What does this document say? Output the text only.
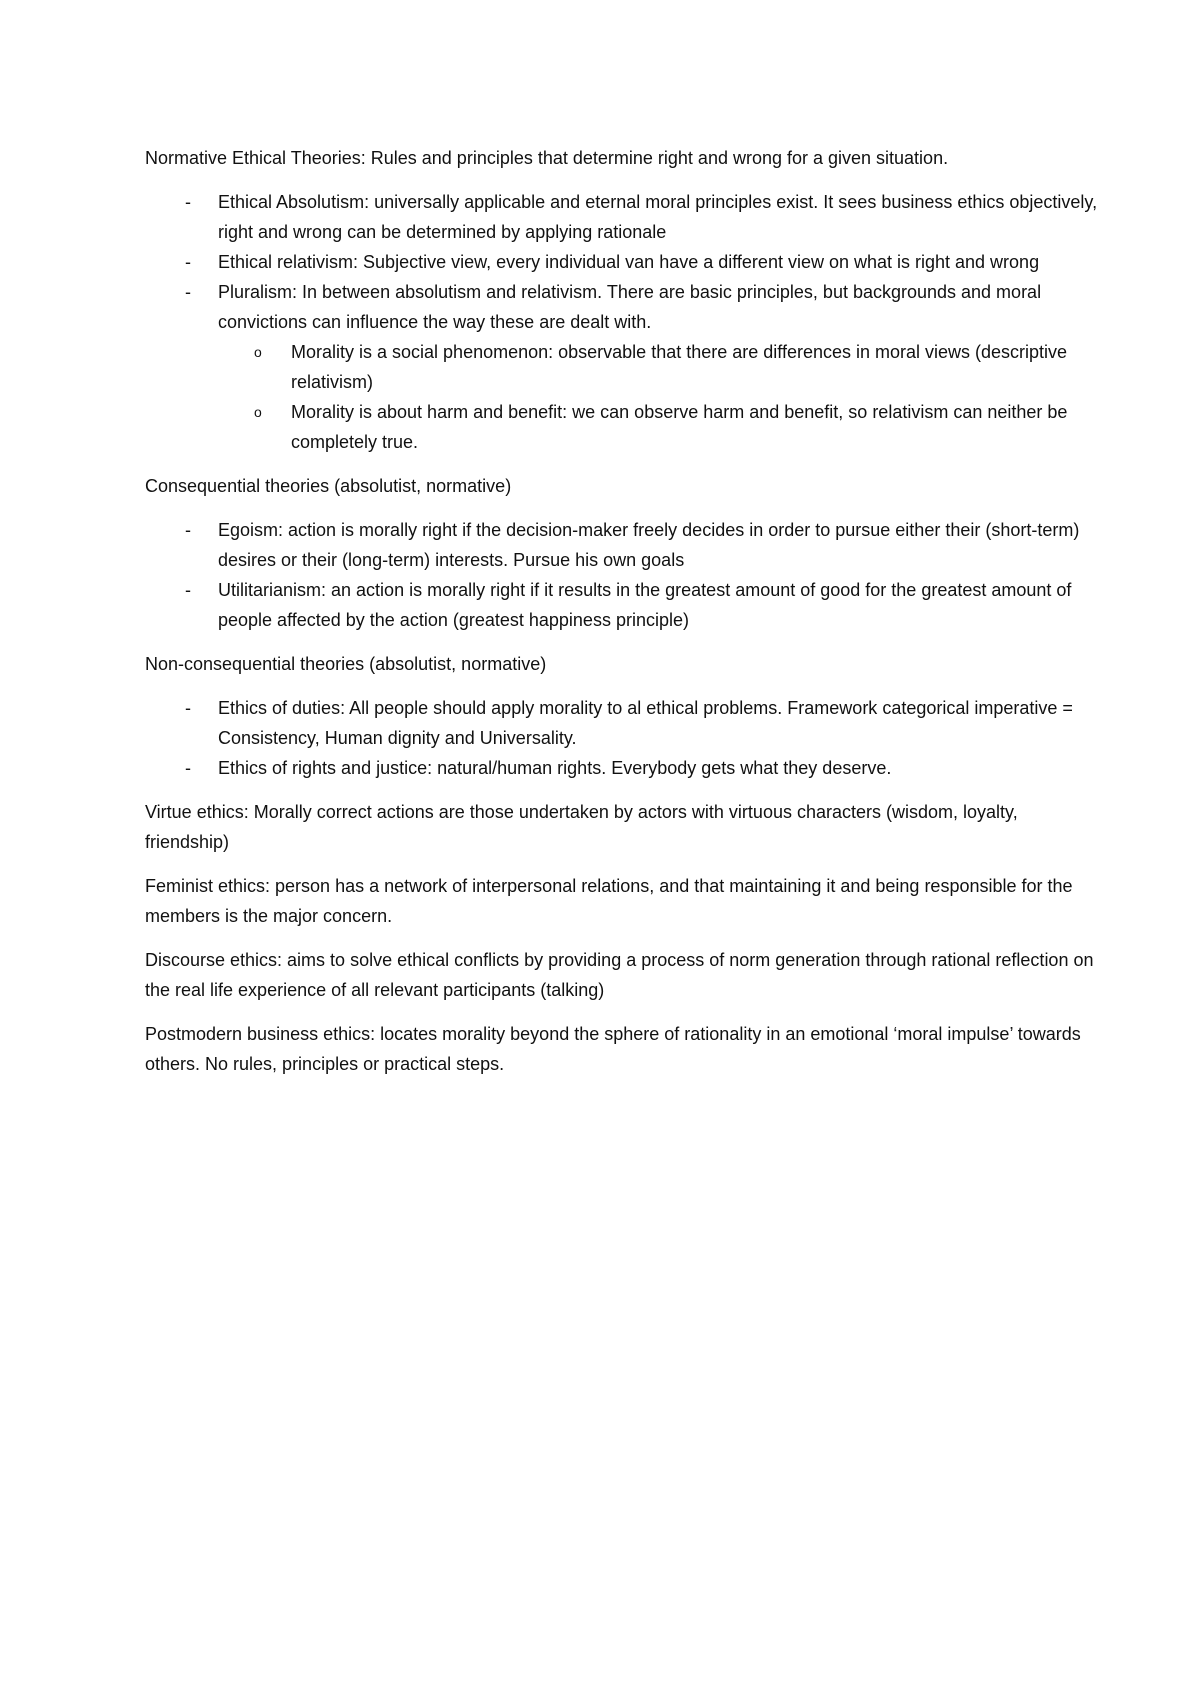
Normative Ethical Theories: Rules and principles that determine right and wrong for a given situation.

-	Ethical Absolutism: universally applicable and eternal moral principles exist. It sees business ethics objectively, right and wrong can be determined by applying rationale
-	Ethical relativism: Subjective view, every individual van have a different view on what is right and wrong
-	Pluralism: In between absolutism and relativism. There are basic principles, but backgrounds and moral convictions can influence the way these are dealt with.
o	Morality is a social phenomenon: observable that there are differences in moral views (descriptive relativism)
o	Morality is about harm and benefit: we can observe harm and benefit, so relativism can neither be completely true.

Consequential theories (absolutist, normative)

-	Egoism: action is morally right if the decision-maker freely decides in order to pursue either their (short-term) desires or their (long-term) interests. Pursue his own goals
-	Utilitarianism: an action is morally right if it results in the greatest amount of good for the greatest amount of people affected by the action (greatest happiness principle)

Non-consequential theories (absolutist, normative)

-	Ethics of duties: All people should apply morality to al ethical problems. Framework categorical imperative = Consistency, Human dignity and Universality.
-	Ethics of rights and justice: natural/human rights. Everybody gets what they deserve.

Virtue ethics: Morally correct actions are those undertaken by actors with virtuous characters (wisdom, loyalty, friendship)

Feminist ethics: person has a network of interpersonal relations, and that maintaining it and being responsible for the members is the major concern.

Discourse ethics: aims to solve ethical conflicts by providing a process of norm generation through rational reflection on the real life experience of all relevant participants (talking)

Postmodern business ethics: locates morality beyond the sphere of rationality in an emotional ‘moral impulse’ towards others. No rules, principles or practical steps.
